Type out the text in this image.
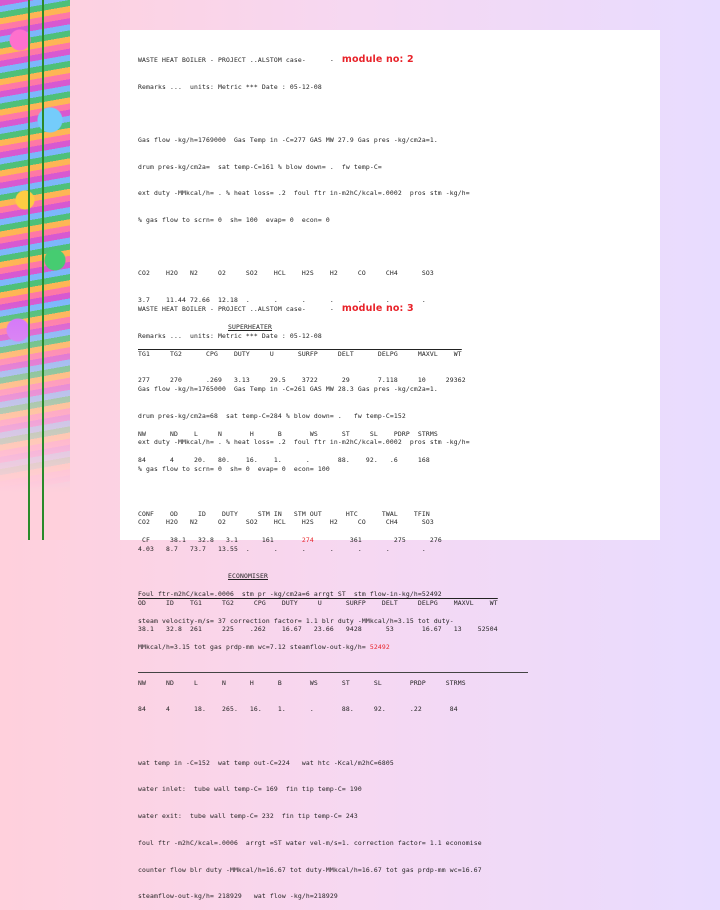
WASTE HEAT BOILER - PROJECT ..ALSTOM case-	- module no: 2

Remarks ...  units: Metric *** Date : 05-12-08

Gas flow -kg/h=1769000  Gas Temp in -C=277 GAS MW 27.9 Gas pres -kg/cm2a=1.

drum pres-kg/cm2a=  sat temp-C=161 % blow down= .  fw temp-C=

ext duty -MMkcal/h= . % heat loss= .2  foul ftr in-m2hC/kcal=.0002  pros stm -kg/h=

% gas flow to scrn= 0  sh= 100  evap= 0  econ= 0

CO2    H2O   N2     O2     SO2    HCL    H2S    H2     CO     CH4      SO3

3.7    11.44 72.66  12.18  .      .      .      .      .      .        .

SUPERHEATER

TG1     TG2      CPG    DUTY     U      SURFP     DELT      DELPG     MAXVL    WT

277     270      .269   3.13     29.5    3722      29       7.118     10     29362

NW      ND    L     N       H      B       WS      ST     SL    PDRP  STRMS

84      4     20.   80.    16.    1.      .       88.    92.   .6     168

CONF    OD     ID    DUTY     STM IN   STM OUT      HTC      TWAL    TFIN

CF     38.1   32.8   3.1      161       274         361        275      276

Foul ftr-m2hC/kcal=.0006  stm pr -kg/cm2a=6 arrgt ST  stm flow-in-kg/h=52492

steam velocity-m/s= 37 correction factor= 1.1 blr duty -MMkcal/h=3.15 tot duty-

MMkcal/h=3.15 tot gas prdp-mm wc=7.12 steamflow-out-kg/h= 52492

WASTE HEAT BOILER - PROJECT ..ALSTOM case-	- module no: 3

Remarks ...  units: Metric *** Date : 05-12-08

Gas flow -kg/h=1765000  Gas Temp in -C=261 GAS MW 28.3 Gas pres -kg/cm2a=1.

drum pres-kg/cm2a=68  sat temp-C=284 % blow down= .   fw temp-C=152

ext duty -MMkcal/h= . % heat loss= .2  foul ftr in-m2hC/kcal=.0002  pros stm -kg/h=

% gas flow to scrn= 0  sh= 0  evap= 0  econ= 100

CO2    H2O   N2     O2     SO2    HCL    H2S    H2     CO     CH4      SO3

4.03   8.7   73.7   13.55  .      .      .      .      .      .        .

ECONOMISER

OD     ID    TG1     TG2     CPG    DUTY     U      SURFP    DELT     DELPG    MAXVL    WT

38.1   32.8  261     225    .262    16.67   23.66   9428      53       16.67   13    52504

NW     ND     L      N      H      B       WS      ST      SL       PRDP     STRMS

84     4      18.    265.   16.    1.      .       88.     92.      .22       84

wat temp in -C=152  wat temp out-C=224   wat htc -Kcal/m2hC=6805

water inlet:  tube wall temp-C= 169  fin tip temp-C= 190

water exit:  tube wall temp-C= 232  fin tip temp-C= 243

foul ftr -m2hC/kcal=.0006  arrgt =ST water vel-m/s=1. correction factor= 1.1 economise

counter flow blr duty -MMkcal/h=16.67 tot duty-MMkcal/h=16.67 tot gas prdp-mm wc=16.67

steamflow-out-kg/h= 218929   wat flow -kg/h=218929
